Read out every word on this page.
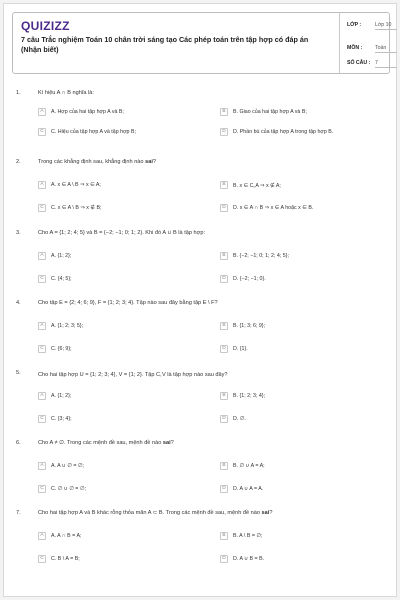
QUIZIZZ
7 câu Trắc nghiệm Toán 10 chân trời sáng tạo Các phép toán trên tập hợp có đáp án (Nhận biết)
LỚP :	Lớp 10
MÔN : Toán
SỐ CÂU : 7
1.	Kí hiệu A ∩ B nghĩa là:
A	A. Hợp của hai tập hợp A và B;	B	B. Giao của hai tập hợp A và B;
C	C. Hiệu của tập hợp A và tập hợp B;	D	D. Phần bù của tập hợp A trong tập hợp B.
2.	Trong các khẳng định sau, khẳng định nào sai?
A	A. x ∈ A \ B ⇒ x ∈ A;	B	B. x ∈ C꜀A ⇒ x ∉ A;
C	C. x ∈ A \ B ⇒ x ∉ B;	D	D. x ∈ A ∩ B ⇒ x ∈ A hoặc x ∈ B.
3.	Cho A = {1; 2; 4; 5} và B = {−2; −1; 0; 1; 2}. Khi đó A ∪ B là tập hợp:
A	A. {1; 2};	B	B. {−2; −1; 0; 1; 2; 4; 5};
C	C. {4; 5};	D	D. {−2; −1; 0}.
4.	Cho tập E = {2; 4; 6; 9}, F = {1; 2; 3; 4}. Tập nào sau đây bằng tập E \ F?
A	A. {1; 2; 3; 5};	B	B. {1; 3; 6; 9};
C	C. {6; 9};	D	D. {1}.
5.	Cho hai tập hợp U = {1; 2; 3; 4}, V = {1; 2}. Tập C꜀V là tập hợp nào sau đây?
A	A. {1; 2};	B	B. {1; 2; 3; 4};
C	C. {3; 4};	D	D. ∅.
6.	Cho A ≠ ∅. Trong các mệnh đề sau, mệnh đề nào sai?
A	A. A ∪ ∅ = ∅;	B	B. ∅ ∪ A = A;
C	C. ∅ ∪ ∅ = ∅;	D	D. A ∪ A = A.
7.	Cho hai tập hợp A và B khác rỗng thỏa mãn A ⊂ B. Trong các mệnh đề sau, mệnh đề nào sai?
A	A. A ∩ B = A;	B	B. A \ B = ∅;
C	C. B \ A = B;	D	D. A ∪ B = B.
